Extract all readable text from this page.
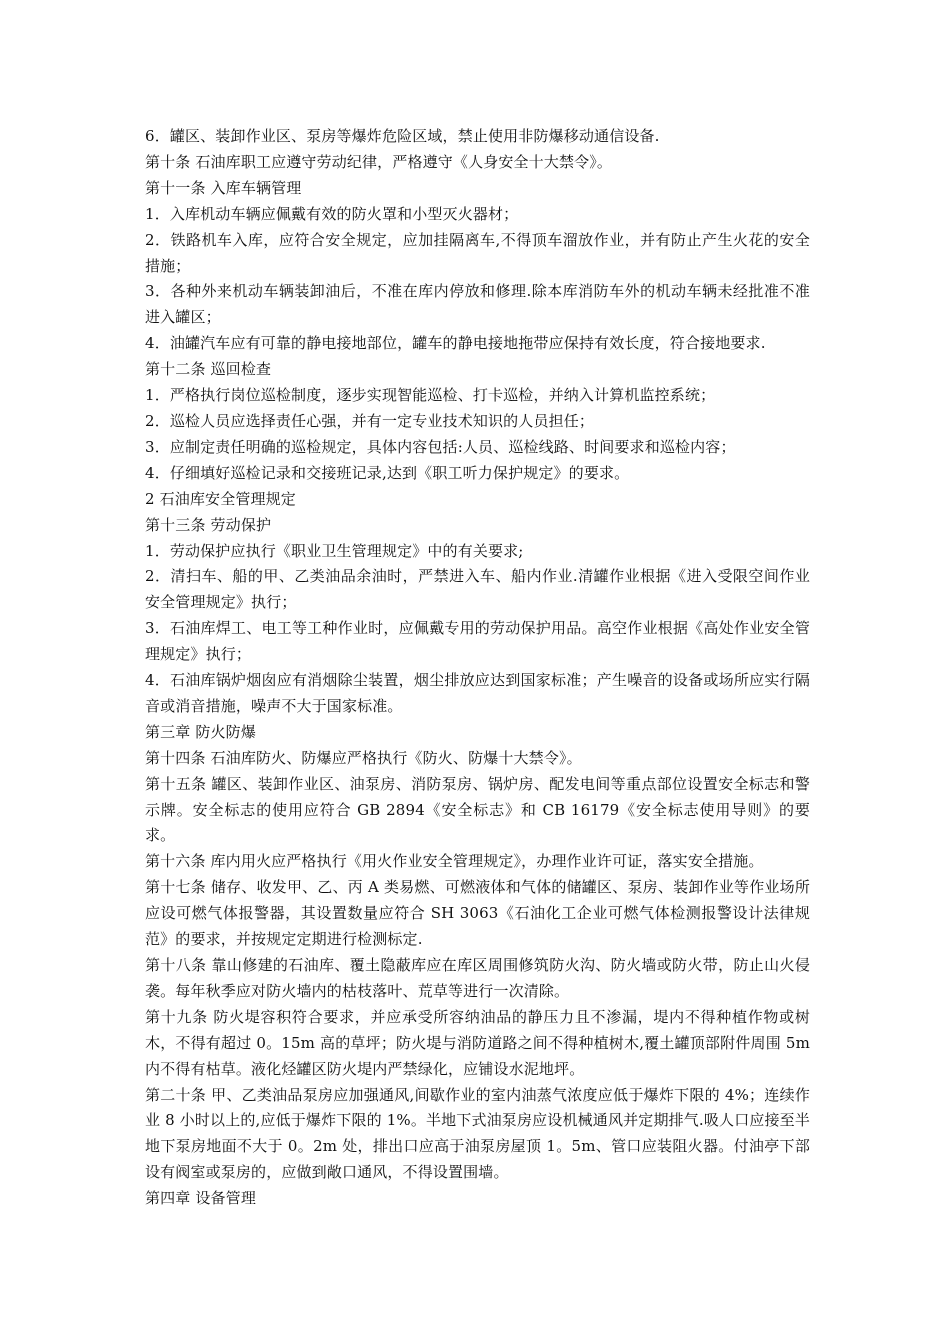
6．罐区、装卸作业区、泵房等爆炸危险区域，禁止使用非防爆移动通信设备.

第十条 石油库职工应遵守劳动纪律，严格遵守《人身安全十大禁令》。

第十一条 入库车辆管理

1．入库机动车辆应佩戴有效的防火罩和小型灭火器材；

2．铁路机车入库，应符合安全规定，应加挂隔离车,不得顶车溜放作业，并有防止产生火花的安全措施；

3．各种外来机动车辆装卸油后，不准在库内停放和修理.除本库消防车外的机动车辆未经批准不准进入罐区；

4．油罐汽车应有可靠的静电接地部位，罐车的静电接地拖带应保持有效长度，符合接地要求.

第十二条 巡回检查

1．严格执行岗位巡检制度，逐步实现智能巡检、打卡巡检，并纳入计算机监控系统；

2．巡检人员应选择责任心强，并有一定专业技术知识的人员担任；

3．应制定责任明确的巡检规定，具体内容包括:人员、巡检线路、时间要求和巡检内容；

4．仔细填好巡检记录和交接班记录,达到《职工听力保护规定》的要求。

2 石油库安全管理规定

第十三条 劳动保护

1．劳动保护应执行《职业卫生管理规定》中的有关要求;

2．清扫车、船的甲、乙类油品余油时，严禁进入车、船内作业.清罐作业根据《进入受限空间作业安全管理规定》执行；

3．石油库焊工、电工等工种作业时，应佩戴专用的劳动保护用品。高空作业根据《高处作业安全管理规定》执行；

4．石油库锅炉烟囱应有消烟除尘装置，烟尘排放应达到国家标准；产生噪音的设备或场所应实行隔音或消音措施，噪声不大于国家标准。

第三章 防火防爆

第十四条 石油库防火、防爆应严格执行《防火、防爆十大禁令》。

第十五条 罐区、装卸作业区、油泵房、消防泵房、锅炉房、配发电间等重点部位设置安全标志和警示牌。安全标志的使用应符合 GB 2894《安全标志》和 CB 16179《安全标志使用导则》的要求。

第十六条 库内用火应严格执行《用火作业安全管理规定》，办理作业许可证，落实安全措施。

第十七条 储存、收发甲、乙、丙 A 类易燃、可燃液体和气体的储罐区、泵房、装卸作业等作业场所应设可燃气体报警器，其设置数量应符合 SH 3063《石油化工企业可燃气体检测报警设计法律规范》的要求，并按规定定期进行检测标定.

第十八条 靠山修建的石油库、覆土隐蔽库应在库区周围修筑防火沟、防火墙或防火带，防止山火侵袭。每年秋季应对防火墙内的枯枝落叶、荒草等进行一次清除。

第十九条 防火堤容积符合要求，并应承受所容纳油品的静压力且不渗漏，堤内不得种植作物或树木，不得有超过 0。15m 高的草坪；防火堤与消防道路之间不得种植树木,覆土罐顶部附件周围 5m 内不得有枯草。液化烃罐区防火堤内严禁绿化，应铺设水泥地坪。

第二十条 甲、乙类油品泵房应加强通风,间歇作业的室内油蒸气浓度应低于爆炸下限的 4%；连续作业 8 小时以上的,应低于爆炸下限的 1%。半地下式油泵房应设机械通风并定期排气.吸人口应接至半地下泵房地面不大于 0。2m 处，排出口应高于油泵房屋顶 1。5m、管口应装阻火器。付油亭下部设有阀室或泵房的，应做到敞口通风，不得设置围墙。

第四章 设备管理
